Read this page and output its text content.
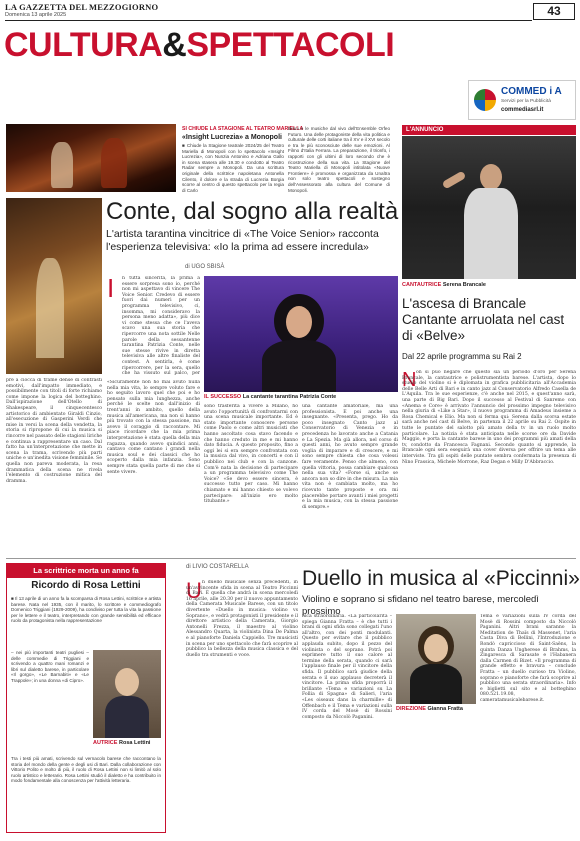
LA GAZZETTA DEL MEZZOGIORNO
Domenica 13 aprile 2025	43
CULTURA&SPETTACOLI
COMMED i A
Servizi per la Pubblicità
commediasrl.it
SI CHIUDE LA STAGIONE AL TEATRO MARIELLA
«Insight Lucrezia» a Monopoli
■ Chiude la Stagione teatrale 2024/25 del Teatro Mariella di Monopoli con lo spettacolo «Insight Lucrezia», con Nunzia Antonino e Adriana Gallo in scena stasera alle 19.30 e condotto al Teatro Radar sempre a Monopoli. Da una scrittura originale della scrittrice napoletana Antonella Cilento, il dolore e la strada di Lucrezia Borgia scorre al centro di questo spettacolo per la regia di Carlo
Bruni e le musiche dal vivo dell'Ensemble Orfeo Futuro. Una delle protagoniste della vita politica e culturale delle corti italiane tra il XV e il XVI secolo e tra le più sconosciute delle sue emozioni. Al Filmo d'Italia Ferrara. La preparazione, il trionfo, i rapporti con gli ultimi di loro secondo che è ricostruzione della sua vita. La Stagione del Teatro Mariella di Monopoli intitolata «Nuove Frontiere» è promossa e organizzata da Unaltra non solo teatro spettacoli e sostegno dell'Assessorato alla cultura del Comune di Monopoli.
L'ANNUNCIO
CANTAUTRICE Serena Brancale
Conte, dal sogno alla realtà
L'artista tarantina vincitrice di «The Voice Senior» racconta l'esperienza televisiva: «Io la prima ad essere incredula»
di UGO SBISÀ
pre a ciocca di trame dense di contrasti emotivi, dall'impatto immediato, e possibilmente con titoli di forte richiamo come impone la logica del botteghino. Dall'ispirazione dell'Otello di Shakespeare, il cinquecentesco artistorico di ambientato Giraldi Cinzio, all'esecuzione di Gasperini Verdi che mise in versi la scena della vendetta, la storia si ripropone di cui la musica si rincorre nel passato delle stagioni liriche e continua a rappresentare un caso. Dal fatto ha un'interpretazione che mette in scena la trama, scrivendo più parti uniche e un'inedita visione femminile. Se quella non pareva moderata, la resa drammatica della scena ne rivela l'elemento di costruzione mitica del dramma.
I n tutta sincerità, la prima a essere sorpresa sono io, perché non mi aspettavo di vincere The Voice Senior. Credevo di essere fuori dai numeri per un programma televisivo, ci, insomma, mi consideravo la persona meno adatta», più dice vi come stessa che ce l'aveva scavo una sua storia che ripercorre una nota sottile Nelle parole della sessantenne tarantina Patrizia Conte, nelle sue stesse rivive in diretta televisiva alle altre finaliste del contest. A sentirla, è come ripercorrere, per la sera, quello che ha vissuto sul palco, per
«Sicuramente non ho mai avuto nulla nella mia vita, lo sempre voluto fare e ho seguito lavoro quel che poi e ho pensato sulla mia lunghezza, anche perché le scelte non dall'inizio di trent'anni in ambito, quello della musica all'americana, ma non si hanno più trovato con la stessa passione, ma avevo il coraggio di raccontare. Mi piace ricordare che la mia prima interpretazione è stata quella della mia ragazza, quando avevo quindici anni, cantavo come cantano i grandi nella musica soul e dei classici che ho scoperto dalla mia infanzia. Sono sempre stata quella parte di me che si sente vivere.
IL SUCCESSO La cantante tarantina Patrizia Conte
sono trasferita a vivere a Milano, ho avuto l'opportunità di confrontarmi con una scena musicale importante. Ed è stato importante conoscere persone come Paolo e come altri musicisti che hanno ascoltato cosa stavo facendo e che hanno creduto in me e mi hanno dato fiducia. A questo proposito, fino a oggi lei si era sempre confrontata con la musica dal vivo, in concerti e con il pubblico nei club e con la canzone. Com'è nata la decisione di partecipare a un programma televisivo come The Voice? «Se devo essere sincera, è successo tutto per caso. Mi hanno chiamato e mi hanno chiesto se volevo partecipare: all'inizio ero molto titubante.»
una cantante amatoriale, ma una professionista. E poi anche una insegnante. «Presenta, prego. Ho da poco insegnato Canto jazz al Conservatorio di Venezia e in precedenza ho lavorato anche a Catania e La Spezia. Ma già allora, nel corso di questi anni, ho avuto sempre grande voglia di imparare e di crescere, e mi sono sempre chiesta che cosa volessi fare veramente. Penso che almeno, con quella vittoria, possa cambiare qualcosa nella sua vita? «Forse sì, anche se ancora non so dire in che misura. La mia vita non è cambiata molto, ma ho ricevuto tante proposte e ora mi piacerebbe portare avanti i miei progetti e la mia musica, con la stessa passione di sempre.»
L'ascesa di Brancale Cantante arruolata nel cast di «Belve»
Dal 22 aprile programma su Rai 2
N on si può negare che questo sia un periodo d'oro per Serena Brancale, la cantautrice e polistrumentista barese. L'artista, dopo lo studio del violino si è diplomata in grafica pubblicitaria all'Accademia delle Belle Arti di Bari e in canto jazz al Conservatorio Alfredo Casella de L'Aquila. Tra le sue esperienze, c'è anche nel 2015, e quest'anno sarà, una parte di Big Bari. Dopo il successo al Festival di Sanremo con «Anema e Core» è arrivato l'annuncio del prossimo impegno televisivo nella giuria di «Like a Star», il nuovo programma di Amadeus insieme a Rosa Chemical e Elio. Ma non si ferma qui: Serena dalla scorsa estate sarà anche nel cast di Belve, in partenza il 22 aprile su Rai 2. Ospite in tutte le puntate del salotto più amato della tv in un ruolo molto particolare. La notizia è stata anticipata nelle scorse ore da Davide Maggio, e porta la cantante barese in uno dei programmi più amati della tv, condotto da Francesca Fagnani. Secondo quanto si apprende, la Brancale ogni sera eseguirà una cover diversa per offrire un tema alle interviste. Tra gli ospiti delle puntate sembra confermata la presenza di Nino Frassica, Michele Morrone, Raz Degan e Milly D'Abbraccio.
La scrittrice morta un anno fa
Ricordo di Rosa Lettini
■ Il 13 aprile di un anno fa la scomparsa di Rosa Lettini, scrittrice e artista barese. Nata nel 1935, con il marito, lo scrittore e commediografo Domenico Triggiani (1929-2009), ha condiviso per tutta la vita la passione per le lettere e il teatro, interpretando con grande sensibilità ed efficace ruolo da protagonista nella rappresentazione
– nei più importanti teatri pugliesi – delle commedie di Triggiani e scrivendo a quattro mani romanzi e libri sul dialetto barese, in particolare «Il gorgo», «Le Barnabiti» e «Le Trappole»; in una donna «di Cipro».
AUTRICE Rosa Lettini
Tra i testi più amati, scrivendo sul vernacolo barese che raccontano la storia del mondo della gente e degli usi di Bari. Dalla collaborazione con Vittorio Polito e molto di più, il ruolo di Rosa Lettini non si limitò al solo ruolo artistico e letterario. Rosa Lettini studiò il dialetto e ha contribuito in modo fondamentale alla conoscenza per l'attività letteraria.
di LIVIO COSTARELLA
U n duello musicale senza precedenti, in un'avvincente sfida in scena al Teatro Piccinni di Bari. È quella che andrà in scena mercoledì 16 aprile, alle 20.30 per il nuovo appuntamento della Camerata Musicale Barese, con un titolo divertente «Duello in musica: violino vs Soprano», e vedrà protagonisti il presidente e il direttore artistico della Camerata, Giorgio Antonelli Frezza, il maestro al violino Alessandro Quarta, la violinista Dina De Palma e al pianoforte Daniela Cappiello. Tre musicisti in scena per uno spettacolo che farà scoprire al pubblico la bellezza della musica classica e del duello tra strumenti e voce.
Duello in musica al «Piccinni»
Violino e soprano si sfidano nel teatro barese, mercoledì prossimo
nica straordinaria. «La particolarità – spiega Gianna Fratta – è che tutti i brani di ogni sfida sono collegati l'uno all'altro, con dei ponti modulanti. Questo per evitare che il pubblico applauda subito, dopo il pezzo del violinista o del soprano. Potrà poi esprimere tutto il suo calore al termine della serata, quando ci sarà l'applauso finale per il vincitore della sfida. Il pubblico sarà giudice della serata e il suo applauso decreterà il vincitore. La prima sfida proporrà il brillante «Tema e variazioni su La Follia di Spagna» di Salieri, l'aria «Les oiseaux dans la charmille» di Offenbach e il Tema e variazioni sulla IV corda del Mosè di Rossini composto da Niccolò Paganini.
DIREZIONE Gianna Fratta
Tema e variazioni sulla IV corda del Mosè di Rossini composto da Niccolò Paganini. Altri brani saranno la Meditation de Thaïs di Massenet, l'aria Casta Diva di Bellini, l'Introduzione e Rondò capriccioso di Saint-Saëns, la quinta Danza Ungherese di Brahms, la Zingaresca di Sarasate e l'Habanera dalla Carmen di Bizet. «Il programma di grande effetto e bravura – conclude Fratta – un duello curioso tra Violino, soprano e pianoforte che farà scoprire al pubblico una serata straordinaria». Info e biglietti sul sito e al botteghino 080.521.19.08, cameratamusicalebarese.it.
